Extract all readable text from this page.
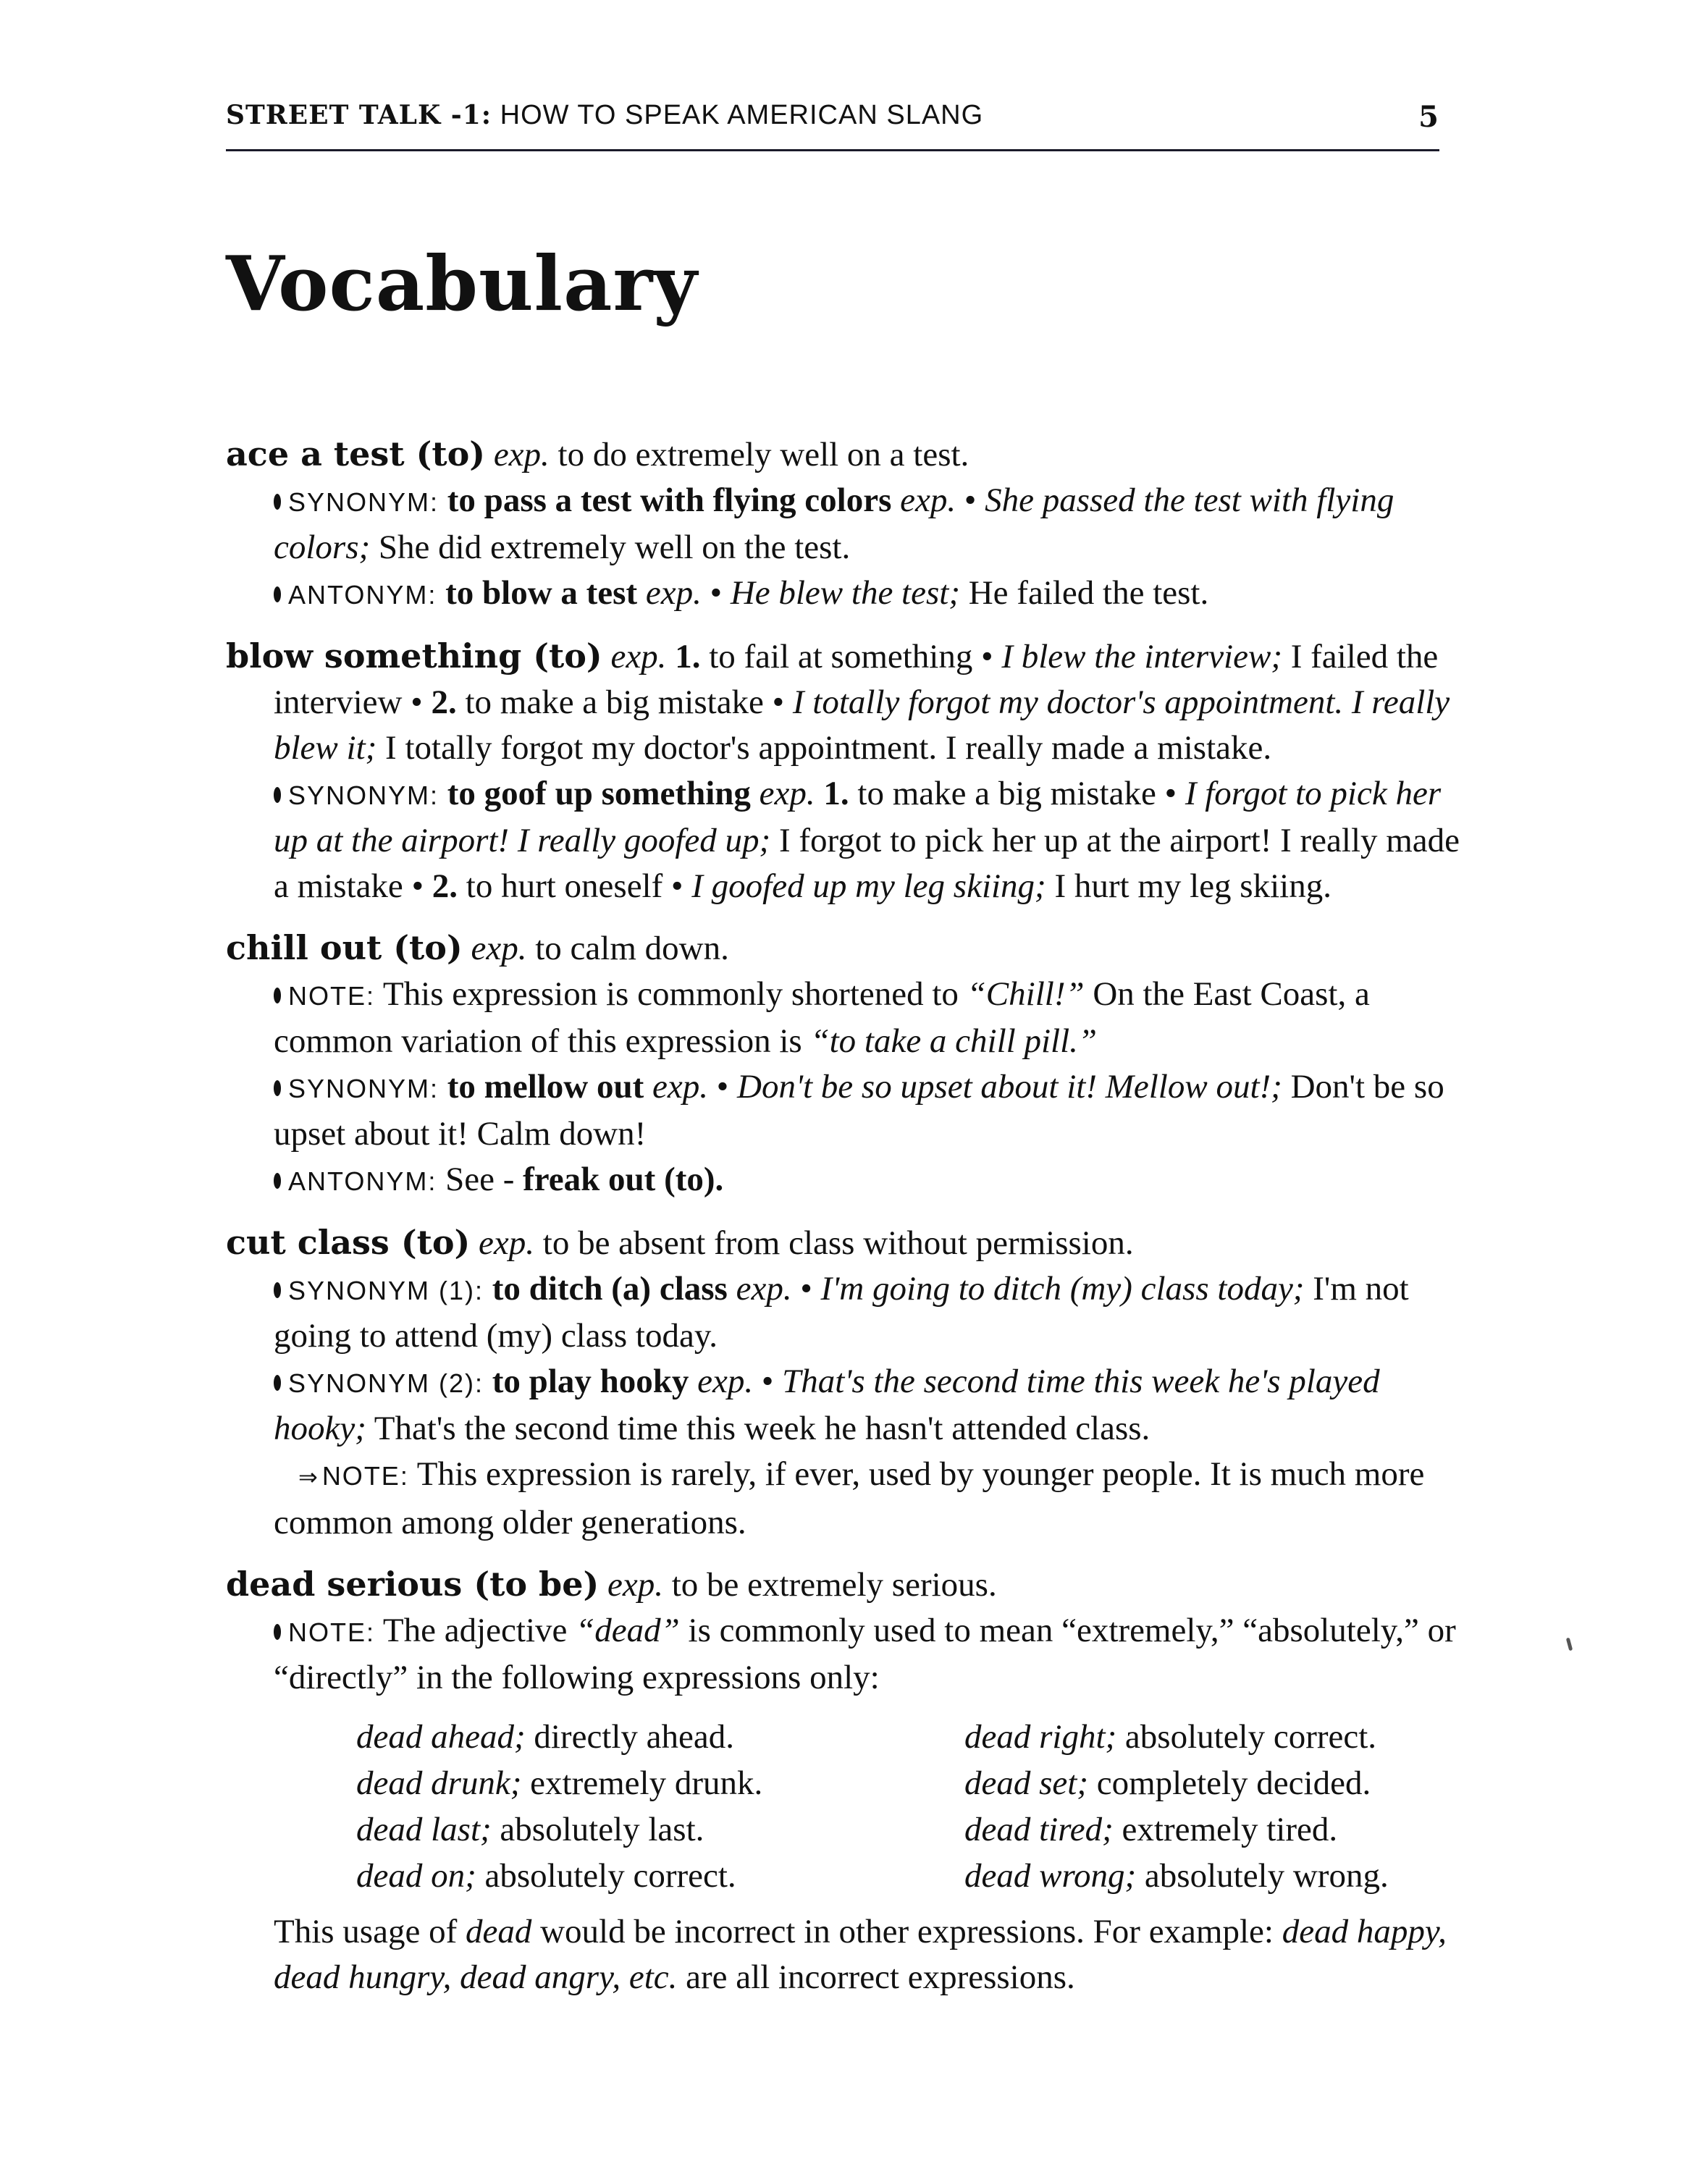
STREET TALK -1: HOW TO SPEAK AMERICAN SLANG	5
Vocabulary
ace a test (to) exp. to do extremely well on a test.
SYNONYM: to pass a test with flying colors exp. • She passed the test with flying colors; She did extremely well on the test.
ANTONYM: to blow a test exp. • He blew the test; He failed the test.
blow something (to) exp. 1. to fail at something • I blew the interview; I failed the interview • 2. to make a big mistake • I totally forgot my doctor's appointment. I really blew it; I totally forgot my doctor's appointment. I really made a mistake.
SYNONYM: to goof up something exp. 1. to make a big mistake • I forgot to pick her up at the airport! I really goofed up; I forgot to pick her up at the airport! I really made a mistake • 2. to hurt oneself • I goofed up my leg skiing; I hurt my leg skiing.
chill out (to) exp. to calm down.
NOTE: This expression is commonly shortened to “Chill!” On the East Coast, a common variation of this expression is “to take a chill pill.”
SYNONYM: to mellow out exp. • Don't be so upset about it! Mellow out!; Don't be so upset about it! Calm down!
ANTONYM: See - freak out (to).
cut class (to) exp. to be absent from class without permission.
SYNONYM (1): to ditch (a) class exp. • I'm going to ditch (my) class today; I'm not going to attend (my) class today.
SYNONYM (2): to play hooky exp. • That's the second time this week he's played hooky; That's the second time this week he hasn't attended class.
⇒ NOTE: This expression is rarely, if ever, used by younger people. It is much more common among older generations.
dead serious (to be) exp. to be extremely serious.
NOTE: The adjective “dead” is commonly used to mean “extremely,” “absolutely,” or “directly” in the following expressions only:
dead ahead; directly ahead.	dead right; absolutely correct.
dead drunk; extremely drunk.	dead set; completely decided.
dead last; absolutely last.	dead tired; extremely tired.
dead on; absolutely correct.	dead wrong; absolutely wrong.
This usage of dead would be incorrect in other expressions. For example: dead happy, dead hungry, dead angry, etc. are all incorrect expressions.
